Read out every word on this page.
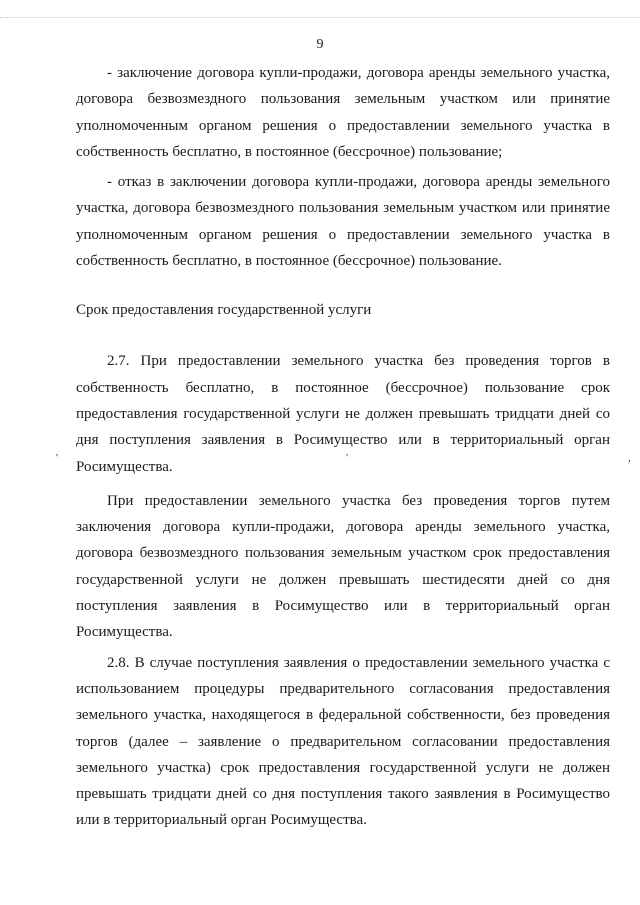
9

- заключение договора купли-продажи, договора аренды земельного участка, договора безвозмездного пользования земельным участком или принятие уполномоченным органом решения о предоставлении земельного участка в собственность бесплатно, в постоянное (бессрочное) пользование;

- отказ в заключении договора купли-продажи, договора аренды земельного участка, договора безвозмездного пользования земельным участком или принятие уполномоченным органом решения о предоставлении земельного участка в собственность бесплатно, в постоянное (бессрочное) пользование.

Срок предоставления государственной услуги

2.7. При предоставлении земельного участка без проведения торгов в собственность бесплатно, в постоянное (бессрочное) пользование срок предоставления государственной услуги не должен превышать тридцати дней со дня поступления заявления в Росимущество или в территориальный орган Росимущества.

При предоставлении земельного участка без проведения торгов путем заключения договора купли-продажи, договора аренды земельного участка, договора безвозмездного пользования земельным участком срок предоставления государственной услуги не должен превышать шестидесяти дней со дня поступления заявления в Росимущество или в территориальный орган Росимущества.

2.8. В случае поступления заявления о предоставлении земельного участка с использованием процедуры предварительного согласования предоставления земельного участка, находящегося в федеральной собственности, без проведения торгов (далее – заявление о предварительном согласовании предоставления земельного участка) срок предоставления государственной услуги не должен превышать тридцати дней со дня поступления такого заявления в Росимущество или в территориальный орган Росимущества.

'	'	,
